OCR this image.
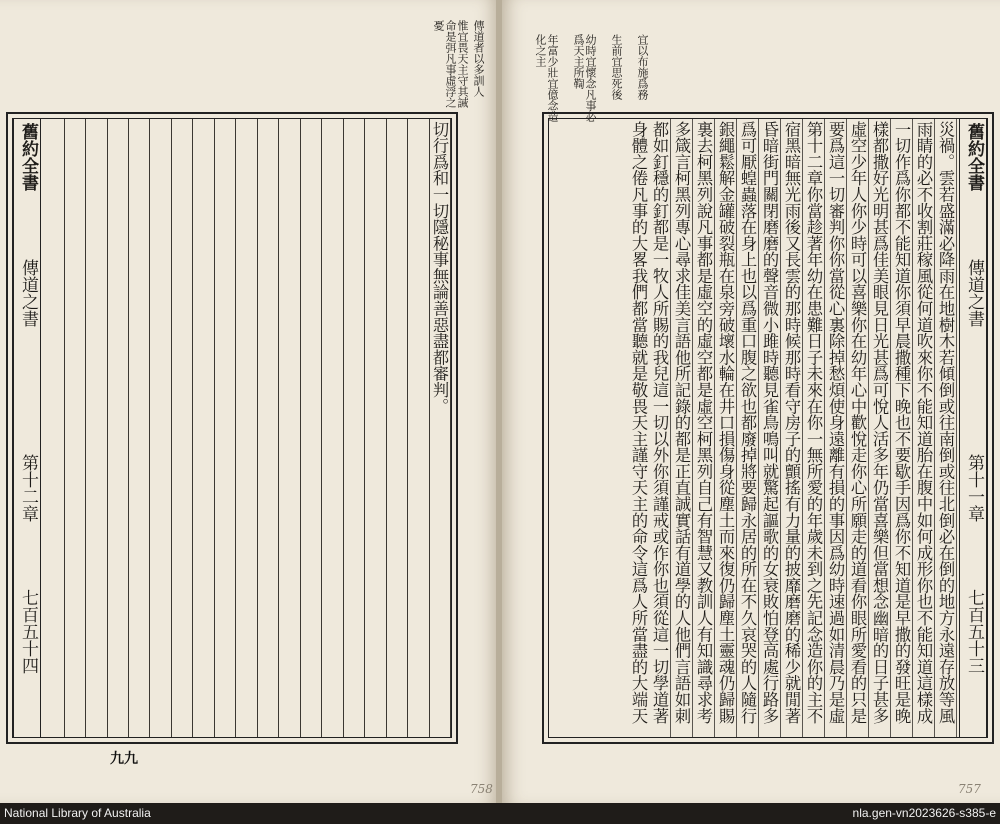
傳道者以多訓人
惟宜畏天主守其誡命是弭凡事虛浮之憂
舊約全書
傳道之書
第十二章
七百五十四
切行爲和一切隱秘事無論善惡盡都審判。
九九
758
宜以布施爲務
生前宜思死後
幼時宜懷念凡事必爲天主所鞫
年富少壯宜億念造化之主
舊約全書
傳道之書
第十一章
七百五十三
災禍。雲若盛滿必降雨在地樹木若傾倒或往南倒或往北倒必在倒的地方永遠存放等風
雨睛的必不收割莊稼風從何道吹來你不能知道胎在腹中如何成形你也不能知道這樣成
一切作爲你都不能知道你須早晨撒種下晚也不要歇手因爲你不知道是早撒的發旺是晚
樣都撒好光明甚爲佳美眼見日光甚爲可悅人活多年仍當喜樂但當想念幽暗的日子甚多
虛空少年人你少時可以喜樂你在幼年心中歡悅走你心所願走的道看你眼所愛看的只是
要爲這一切審判你你當從心裏除掉愁煩使身遠離有損的事因爲幼時速過如清晨乃是虛
第十二章你當趁著年幼在患難日子未來在你一無所愛的年歲未到之先記念造你的主不
宿黑暗無光雨後又長雲的那時候那時看守房子的顫搖有力量的披靡磨磨的稀少就閒著
昏暗街門關閉磨磨的聲音微小雎時聽見雀鳥鳴叫就驚起謳歌的女衰敗怕登高處行路多
爲可厭蝗蟲落在身上也以爲重口腹之欲也都廢掉將要歸永居的所在不久哀哭的人隨行
銀繩鬆解金罐破裂瓶在泉旁破壞水輪在井口損傷身從塵土而來復仍歸塵土靈魂仍歸賜
裏去柯黑列說凡事都是虛空的虛空都是虛空柯黑列自己有智慧又教訓人有知識尋求考
多箴言柯黑列專心尋求佳美言語他所記錄的都是正直誠實話有道學的人他們言語如刺
都如釘穩的釘都是一牧人所賜的我兒這一切以外你須謹戒或作你也須從這一切學道著
身體之倦凡事的大畧我們都當聽就是敬畏天主謹守天主的命令這爲人所當盡的大端天
757
National Library of Australia	nla.gen-vn2023626-s385-e
